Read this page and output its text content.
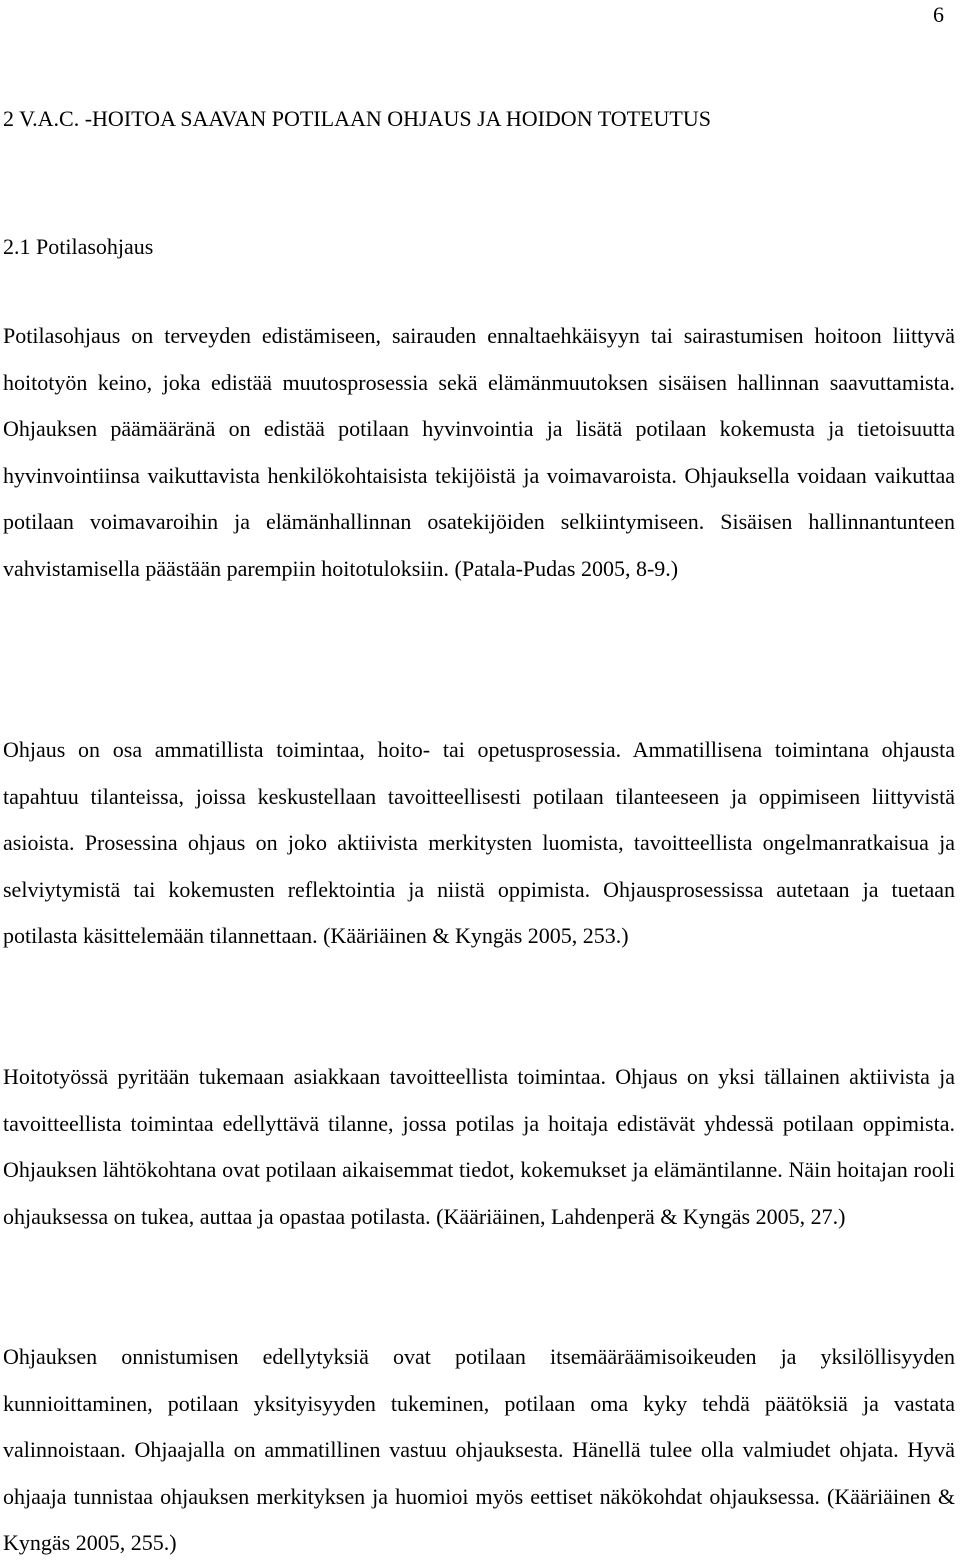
6
2 V.A.C. -HOITOA SAAVAN POTILAAN OHJAUS JA HOIDON TOTEUTUS
2.1 Potilasohjaus

Potilasohjaus on terveyden edistämiseen, sairauden ennaltaehkäisyyn tai sairastumisen hoitoon liittyvä hoitotyön keino, joka edistää muutosprosessia sekä elämänmuutoksen sisäisen hallinnan saavuttamista. Ohjauksen päämääränä on edistää potilaan hyvinvointia ja lisätä potilaan kokemusta ja tietoisuutta hyvinvointiinsa vaikuttavista henkilökohtaisista tekijöistä ja voimavaroista. Ohjauksella voidaan vaikuttaa potilaan voimavaroihin ja elämänhallinnan osatekijöiden selkiintymiseen. Sisäisen hallinnantunteen vahvistamisella päästään parempiin hoitotuloksiin. (Patala-Pudas 2005, 8-9.)

Ohjaus on osa ammatillista toimintaa, hoito- tai opetusprosessia. Ammatillisena toimintana ohjausta tapahtuu tilanteissa, joissa keskustellaan tavoitteellisesti potilaan tilanteeseen ja oppimiseen liittyvistä asioista. Prosessina ohjaus on joko aktiivista merkitysten luomista, tavoitteellista ongelmanratkaisua ja selviytymistä tai kokemusten reflektointia ja niistä oppimista. Ohjausprosessissa autetaan ja tuetaan potilasta käsittelemään tilannettaan. (Kääriäinen & Kyngäs 2005, 253.)

Hoitotyössä pyritään tukemaan asiakkaan tavoitteellista toimintaa. Ohjaus on yksi tällainen aktiivista ja tavoitteellista toimintaa edellyttävä tilanne, jossa potilas ja hoitaja edistävät yhdessä potilaan oppimista. Ohjauksen lähtökohtana ovat potilaan aikaisemmat tiedot, kokemukset ja elämäntilanne. Näin hoitajan rooli ohjauksessa on tukea, auttaa ja opastaa potilasta. (Kääriäinen, Lahdenperä & Kyngäs 2005, 27.)

Ohjauksen onnistumisen edellytyksiä ovat potilaan itsemääräämisoikeuden ja yksilöllisyyden kunnioittaminen, potilaan yksityisyyden tukeminen, potilaan oma kyky tehdä päätöksiä ja vastata valinnoistaan. Ohjaajalla on ammatillinen vastuu ohjauksesta. Hänellä tulee olla valmiudet ohjata. Hyvä ohjaaja tunnistaa ohjauksen merkityksen ja huomioi myös eettiset näkökohdat ohjauksessa. (Kääriäinen & Kyngäs 2005, 255.)
